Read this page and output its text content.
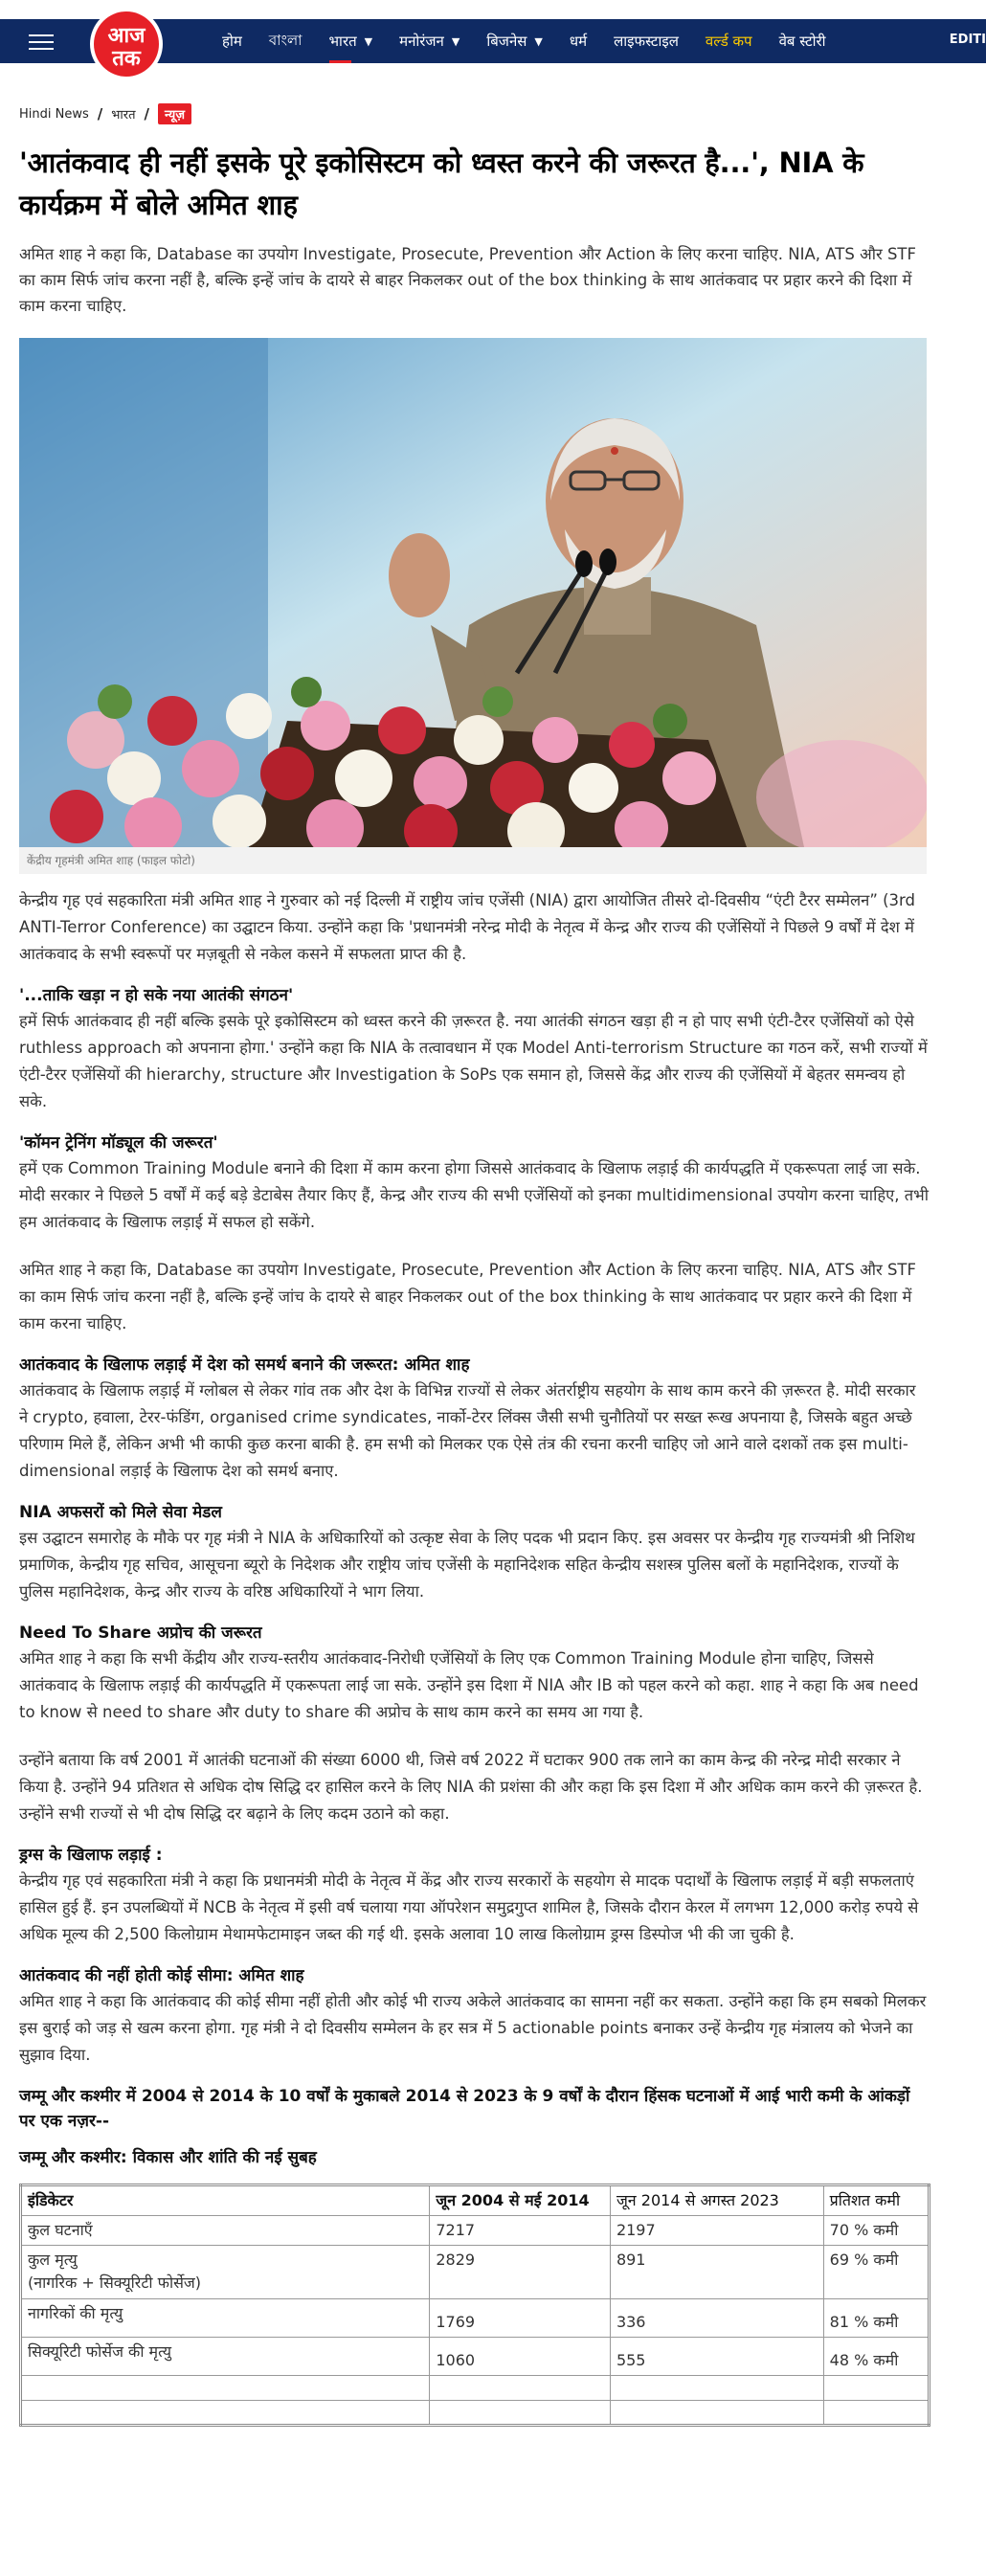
आज
तक
होम বাংলা भारत ▼ मनोरंजन ▼ बिजनेस ▼ धर्म लाइफस्टाइल वर्ल्ड कप वेब स्टोरी	EDITI
Hindi News / भारत /	न्यूज़
'आतंकवाद ही नहीं इसके पूरे इकोसिस्टम को ध्वस्त करने की जरूरत है...', NIA के कार्यक्रम में बोले अमित शाह

अमित शाह ने कहा कि, Database का उपयोग Investigate, Prosecute, Prevention और Action के लिए करना चाहिए. NIA, ATS और STF का काम सिर्फ जांच करना नहीं है, बल्कि इन्हें जांच के दायरे से बाहर निकलकर out of the box thinking के साथ आतंकवाद पर प्रहार करने की दिशा में काम करना चाहिए.

केंद्रीय गृहमंत्री अमित शाह (फाइल फोटो)

केन्द्रीय गृह एवं सहकारिता मंत्री अमित शाह ने गुरुवार को नई दिल्ली में राष्ट्रीय जांच एजेंसी (NIA) द्वारा आयोजित तीसरे दो-दिवसीय “एंटी टैरर सम्मेलन” (3rd ANTI-Terror Conference) का उद्घाटन किया. उन्होंने कहा कि 'प्रधानमंत्री नरेन्द्र मोदी के नेतृत्व में केन्द्र और राज्य की एजेंसियों ने पिछले 9 वर्षों में देश में आतंकवाद के सभी स्वरूपों पर मज़बूती से नकेल कसने में सफलता प्राप्त की है.

'...ताकि खड़ा न हो सके नया आतंकी संगठन'

हमें सिर्फ आतंकवाद ही नहीं बल्कि इसके पूरे इकोसिस्टम को ध्वस्त करने की ज़रूरत है. नया आतंकी संगठन खड़ा ही न हो पाए सभी एंटी-टैरर एजेंसियों को ऐसे ruthless approach को अपनाना होगा.' उन्होंने कहा कि NIA के तत्वावधान में एक Model Anti-terrorism Structure का गठन करें, सभी राज्यों में एंटी-टैरर एजेंसियों की hierarchy, structure और Investigation के SoPs एक समान हो, जिससे केंद्र और राज्य की एजेंसियों में बेहतर समन्वय हो सके.

'कॉमन ट्रेनिंग मॉड्यूल की जरूरत'

हमें एक Common Training Module बनाने की दिशा में काम करना होगा जिससे आतंकवाद के खिलाफ लड़ाई की कार्यपद्धति में एकरूपता लाई जा सके. मोदी सरकार ने पिछले 5 वर्षों में कई बड़े डेटाबेस तैयार किए हैं, केन्द्र और राज्य की सभी एजेंसियों को इनका multidimensional उपयोग करना चाहिए, तभी हम आतंकवाद के खिलाफ लड़ाई में सफल हो सकेंगे.

अमित शाह ने कहा कि, Database का उपयोग Investigate, Prosecute, Prevention और Action के लिए करना चाहिए. NIA, ATS और STF का काम सिर्फ जांच करना नहीं है, बल्कि इन्हें जांच के दायरे से बाहर निकलकर out of the box thinking के साथ आतंकवाद पर प्रहार करने की दिशा में काम करना चाहिए.

आतंकवाद के खिलाफ लड़ाई में देश को समर्थ बनाने की जरूरत: अमित शाह

आतंकवाद के खिलाफ लड़ाई में ग्लोबल से लेकर गांव तक और देश के विभिन्न राज्यों से लेकर अंतर्राष्ट्रीय सहयोग के साथ काम करने की ज़रूरत है. मोदी सरकार ने crypto, हवाला, टेरर-फंडिंग, organised crime syndicates, नार्को-टेरर लिंक्स जैसी सभी चुनौतियों पर सख्त रूख अपनाया है, जिसके बहुत अच्छे परिणाम मिले हैं, लेकिन अभी भी काफी कुछ करना बाकी है. हम सभी को मिलकर एक ऐसे तंत्र की रचना करनी चाहिए जो आने वाले दशकों तक इस multi-dimensional लड़ाई के खिलाफ देश को समर्थ बनाए.

NIA अफसरों को मिले सेवा मेडल

इस उद्घाटन समारोह के मौके पर गृह मंत्री ने NIA के अधिकारियों को उत्कृष्ट सेवा के लिए पदक भी प्रदान किए. इस अवसर पर केन्द्रीय गृह राज्यमंत्री श्री निशिथ प्रमाणिक, केन्द्रीय गृह सचिव, आसूचना ब्यूरो के निदेशक और राष्ट्रीय जांच एजेंसी के महानिदेशक सहित केन्द्रीय सशस्त्र पुलिस बलों के महानिदेशक, राज्यों के पुलिस महानिदेशक, केन्द्र और राज्य के वरिष्ठ अधिकारियों ने भाग लिया.

Need To Share अप्रोच की जरूरत

अमित शाह ने कहा कि सभी केंद्रीय और राज्य-स्तरीय आतंकवाद-निरोधी एजेंसियों के लिए एक Common Training Module होना चाहिए, जिससे आतंकवाद के खिलाफ लड़ाई की कार्यपद्धति में एकरूपता लाई जा सके. उन्होंने इस दिशा में NIA और IB को पहल करने को कहा. शाह ने कहा कि अब need to know से need to share और duty to share की अप्रोच के साथ काम करने का समय आ गया है.

उन्होंने बताया कि वर्ष 2001 में आतंकी घटनाओं की संख्या 6000 थी, जिसे वर्ष 2022 में घटाकर 900 तक लाने का काम केन्द्र की नरेन्द्र मोदी सरकार ने किया है. उन्होंने 94 प्रतिशत से अधिक दोष सिद्धि दर हासिल करने के लिए NIA की प्रशंसा की और कहा कि इस दिशा में और अधिक काम करने की ज़रूरत है. उन्होंने सभी राज्यों से भी दोष सिद्धि दर बढ़ाने के लिए कदम उठाने को कहा.

ड्रग्स के खिलाफ लड़ाई :

केन्द्रीय गृह एवं सहकारिता मंत्री ने कहा कि प्रधानमंत्री मोदी के नेतृत्व में केंद्र और राज्य सरकारों के सहयोग से मादक पदार्थों के खिलाफ लड़ाई में बड़ी सफलताएं हासिल हुई हैं. इन उपलब्धियों में NCB के नेतृत्व में इसी वर्ष चलाया गया ऑपरेशन समुद्रगुप्त शामिल है, जिसके दौरान केरल में लगभग 12,000 करोड़ रुपये से अधिक मूल्य की 2,500 किलोग्राम मेथामफेटामाइन जब्त की गई थी. इसके अलावा 10 लाख किलोग्राम ड्रग्स डिस्पोज भी की जा चुकी है.

आतंकवाद की नहीं होती कोई सीमा: अमित शाह

अमित शाह ने कहा कि आतंकवाद की कोई सीमा नहीं होती और कोई भी राज्य अकेले आतंकवाद का सामना नहीं कर सकता. उन्होंने कहा कि हम सबको मिलकर इस बुराई को जड़ से खत्म करना होगा. गृह मंत्री ने दो दिवसीय सम्मेलन के हर सत्र में 5 actionable points बनाकर उन्हें केन्द्रीय गृह मंत्रालय को भेजने का सुझाव दिया.

जम्मू और कश्मीर में 2004 से 2014 के 10 वर्षों के मुकाबले 2014 से 2023 के 9 वर्षों के दौरान हिंसक घटनाओं में आई भारी कमी के आंकड़ों पर एक नज़र--
जम्मू और कश्मीर: विकास और शांति की नई सुबह
इंडिकेटर	जून 2004 से मई 2014	जून 2014 से अगस्त 2023	प्रतिशत कमी
कुल घटनाएँ	7217	2197	70 % कमी

कुल मृत्यु
(नागरिक + सिक्यूरिटी फोर्सेज)	2829	891	69 % कमी
नागरिकों की मृत्यु	1769	336	81 % कमी
सिक्यूरिटी फोर्सेज की मृत्यु	1060	555	48 % कमी
